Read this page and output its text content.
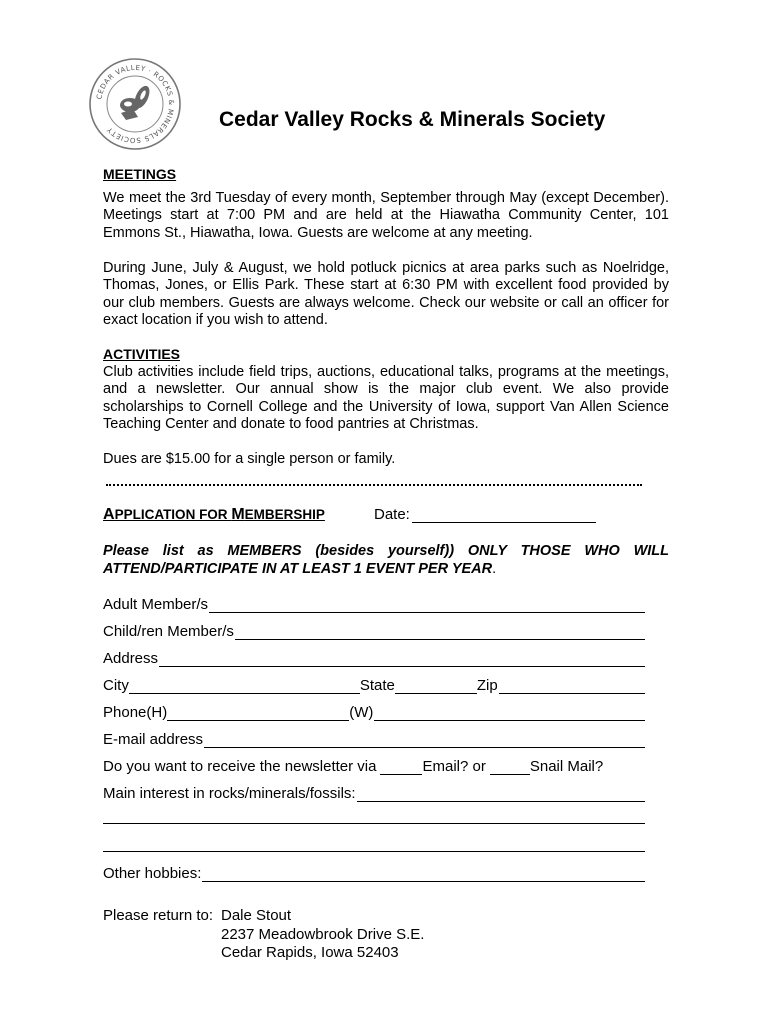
CEDAR VALLEY · ROCKS & MINERALS SOCIETY	Cedar Valley Rocks & Minerals Society
MEETINGS

We meet the 3rd Tuesday of every month, September through May (except December). Meetings start at 7:00 PM and are held at the Hiawatha Community Center, 101 Emmons St., Hiawatha, Iowa. Guests are welcome at any meeting.

During June, July & August, we hold potluck picnics at area parks such as Noelridge, Thomas, Jones, or Ellis Park. These start at 6:30 PM with excellent food provided by our club members. Guests are always welcome. Check our website or call an officer for exact location if you wish to attend.

ACTIVITIES

Club activities include field trips, auctions, educational talks, programs at the meetings, and a newsletter. Our annual show is the major club event. We also provide scholarships to Cornell College and the University of Iowa, support Van Allen Science Teaching Center and donate to food pantries at Christmas.

Dues are $15.00 for a single person or family.

APPLICATION FOR MEMBERSHIP	Date:

Please list as MEMBERS (besides yourself)) ONLY THOSE WHO WILL ATTEND/PARTICIPATE IN AT LEAST 1 EVENT PER YEAR.

Adult Member/s
Child/ren Member/s
Address
City	State	Zip
Phone(H)	(W)
E-mail address
Do you want to receive the newsletter via	Email? or	Snail Mail?
Main interest in rocks/minerals/fossils:
Other hobbies:
Please return to: Dale Stout
2237 Meadowbrook Drive S.E.
Cedar Rapids, Iowa 52403
